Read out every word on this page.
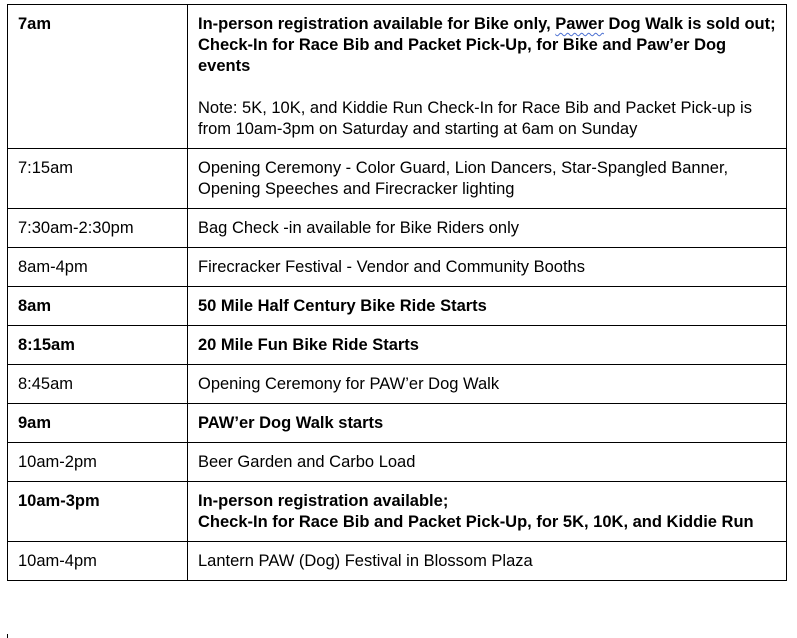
7am	In-person registration available for Bike only, Pawer Dog Walk is sold out;
Check-In for Race Bib and Packet Pick-Up, for Bike and Paw’er Dog events
Note: 5K, 10K, and Kiddie Run Check-In for Race Bib and Packet Pick-up is from 10am-3pm on Saturday and starting at 6am on Sunday

7:15am	Opening Ceremony - Color Guard, Lion Dancers, Star-Spangled Banner, Opening Speeches and Firecracker lighting
7:30am-2:30pm	Bag Check -in available for Bike Riders only
8am-4pm	Firecracker Festival - Vendor and Community Booths
8am	50 Mile Half Century Bike Ride Starts
8:15am	20 Mile Fun Bike Ride Starts
8:45am	Opening Ceremony for PAW’er Dog Walk
9am	PAW’er Dog Walk starts
10am-2pm	Beer Garden and Carbo Load
10am-3pm	In-person registration available;
Check-In for Race Bib and Packet Pick-Up, for 5K, 10K, and Kiddie Run

10am-4pm	Lantern PAW (Dog) Festival in Blossom Plaza
